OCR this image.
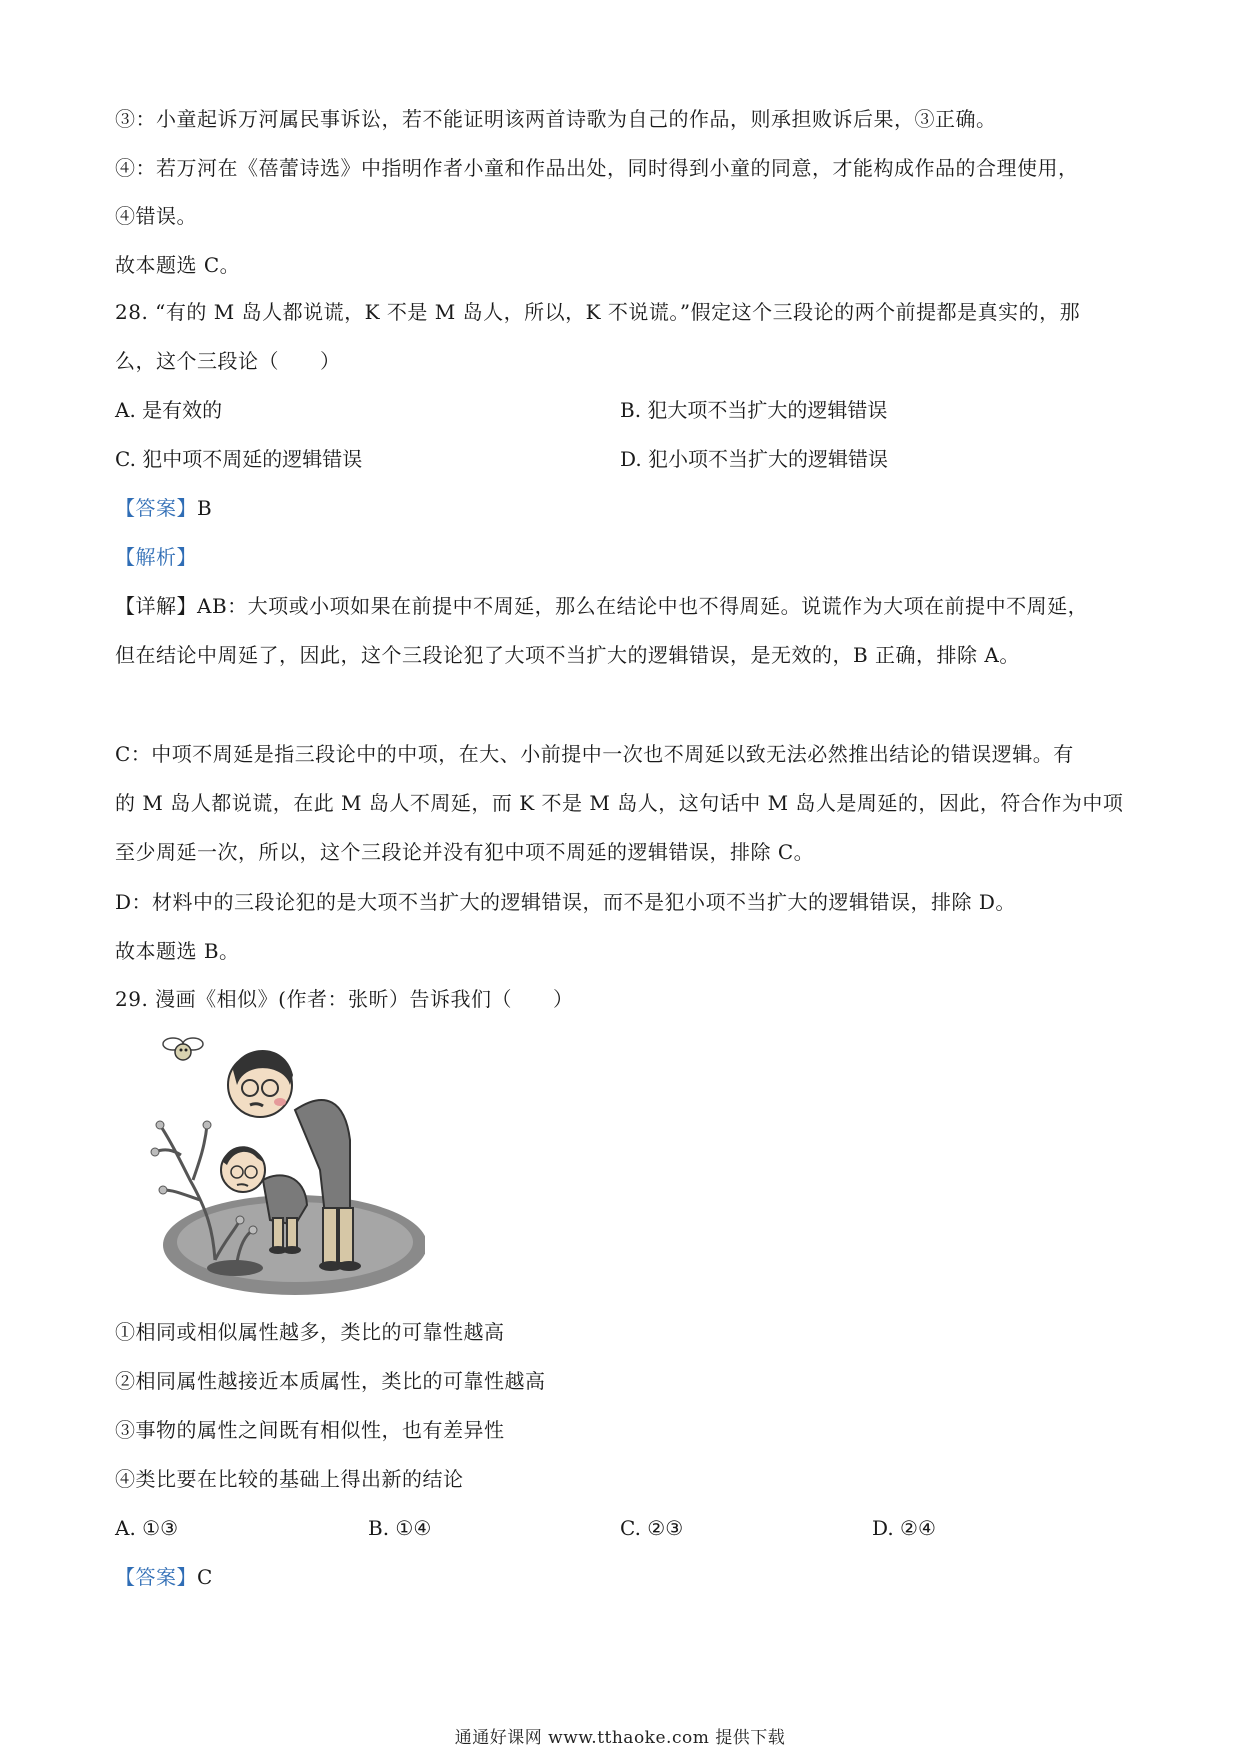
③：小童起诉万河属民事诉讼，若不能证明该两首诗歌为自己的作品，则承担败诉后果，③正确。
④：若万河在《蓓蕾诗选》中指明作者小童和作品出处，同时得到小童的同意，才能构成作品的合理使用，
④错误。
故本题选 C。
28. “有的 M 岛人都说谎，K 不是 M 岛人，所以，K 不说谎。”假定这个三段论的两个前提都是真实的，那
么，这个三段论（　　）
A. 是有效的	B. 犯大项不当扩大的逻辑错误
C. 犯中项不周延的逻辑错误	D. 犯小项不当扩大的逻辑错误
【答案】B
【解析】
【详解】AB：大项或小项如果在前提中不周延，那么在结论中也不得周延。说谎作为大项在前提中不周延，
但在结论中周延了，因此，这个三段论犯了大项不当扩大的逻辑错误，是无效的，B 正确，排除 A。
C：中项不周延是指三段论中的中项，在大、小前提中一次也不周延以致无法必然推出结论的错误逻辑。有
的 M 岛人都说谎，在此 M 岛人不周延，而 K 不是 M 岛人，这句话中 M 岛人是周延的，因此，符合作为中项
至少周延一次，所以，这个三段论并没有犯中项不周延的逻辑错误，排除 C。
D：材料中的三段论犯的是大项不当扩大的逻辑错误，而不是犯小项不当扩大的逻辑错误，排除 D。
故本题选 B。
29. 漫画《相似》(作者：张昕）告诉我们（　　）
①相同或相似属性越多，类比的可靠性越高
②相同属性越接近本质属性，类比的可靠性越高
③事物的属性之间既有相似性，也有差异性
④类比要在比较的基础上得出新的结论
A. ①③	B. ①④	C. ②③	D. ②④
【答案】C
通通好课网 www.tthaoke.com 提供下载
